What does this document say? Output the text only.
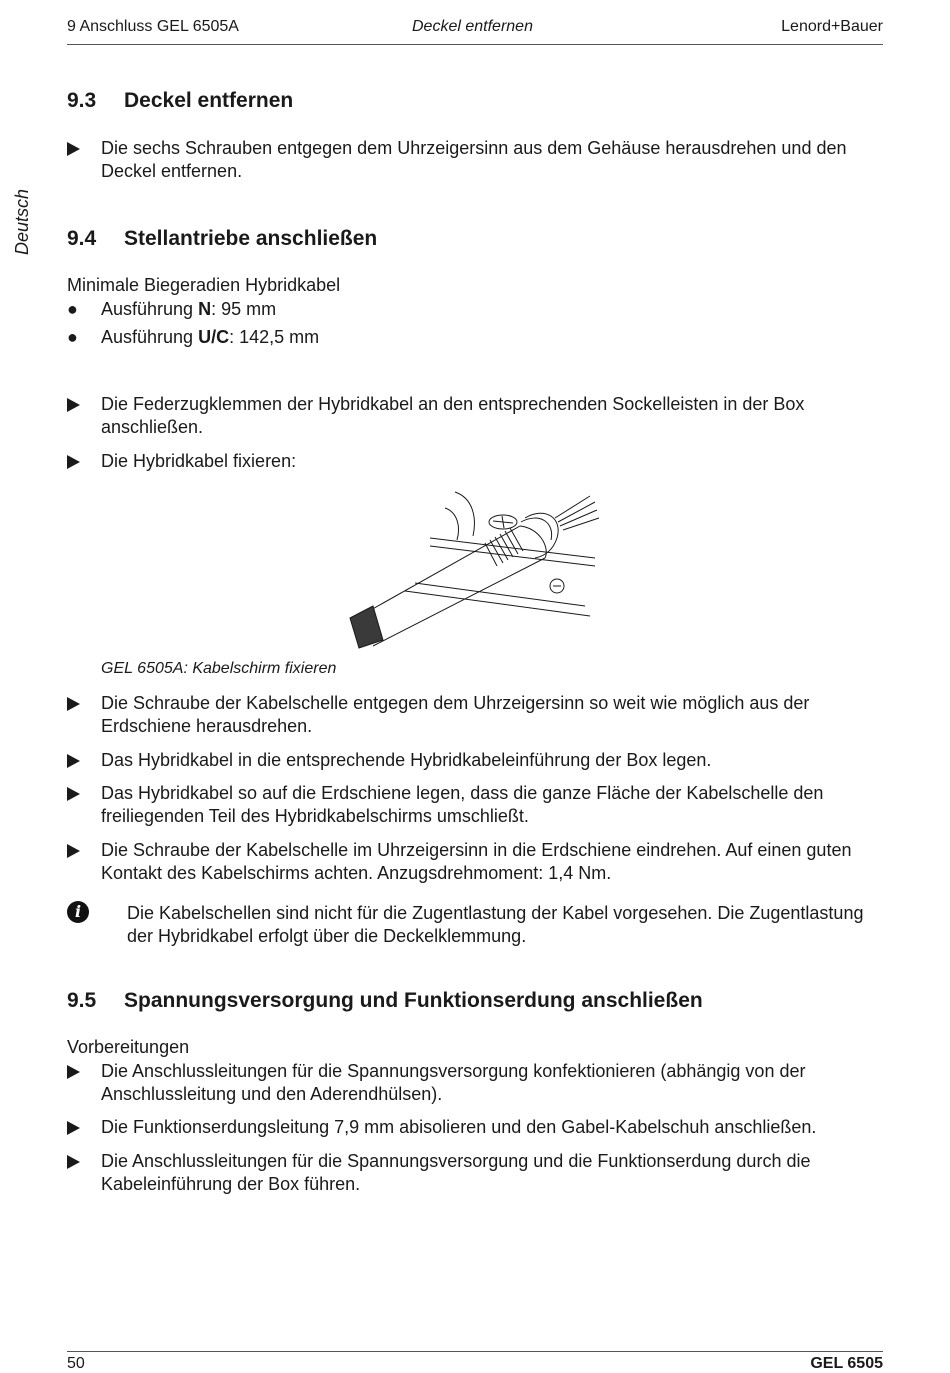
9 Anschluss GEL 6505A	Deckel entfernen	Lenord+Bauer
Deutsch
9.3 Deckel entfernen
Die sechs Schrauben entgegen dem Uhrzeigersinn aus dem Gehäuse herausdrehen und den Deckel entfernen.
9.4 Stellantriebe anschließen
Minimale Biegeradien Hybridkabel
●	Ausführung N: 95 mm
●	Ausführung U/C: 142,5 mm
Die Federzugklemmen der Hybridkabel an den entsprechenden Sockelleisten in der Box anschließen.
Die Hybridkabel fixieren:
GEL 6505A: Kabelschirm fixieren
Die Schraube der Kabelschelle entgegen dem Uhrzeigersinn so weit wie möglich aus der Erdschiene herausdrehen.
Das Hybridkabel in die entsprechende Hybridkabeleinführung der Box legen.
Das Hybridkabel so auf die Erdschiene legen, dass die ganze Fläche der Kabelschelle den freiliegenden Teil des Hybridkabelschirms umschließt.
Die Schraube der Kabelschelle im Uhrzeigersinn in die Erdschiene eindrehen. Auf einen guten Kontakt des Kabelschirms achten. Anzugsdrehmoment: 1,4 Nm.
i	Die Kabelschellen sind nicht für die Zugentlastung der Kabel vorgesehen. Die Zugentlastung der Hybridkabel erfolgt über die Deckelklemmung.
9.5 Spannungsversorgung und Funktionserdung anschließen
Vorbereitungen
Die Anschlussleitungen für die Spannungsversorgung konfektionieren (abhängig von der Anschlussleitung und den Aderendhülsen).
Die Funktionserdungsleitung 7,9 mm abisolieren und den Gabel-Kabelschuh anschließen.
Die Anschlussleitungen für die Spannungsversorgung und die Funktionserdung durch die Kabeleinführung der Box führen.
50	GEL 6505
